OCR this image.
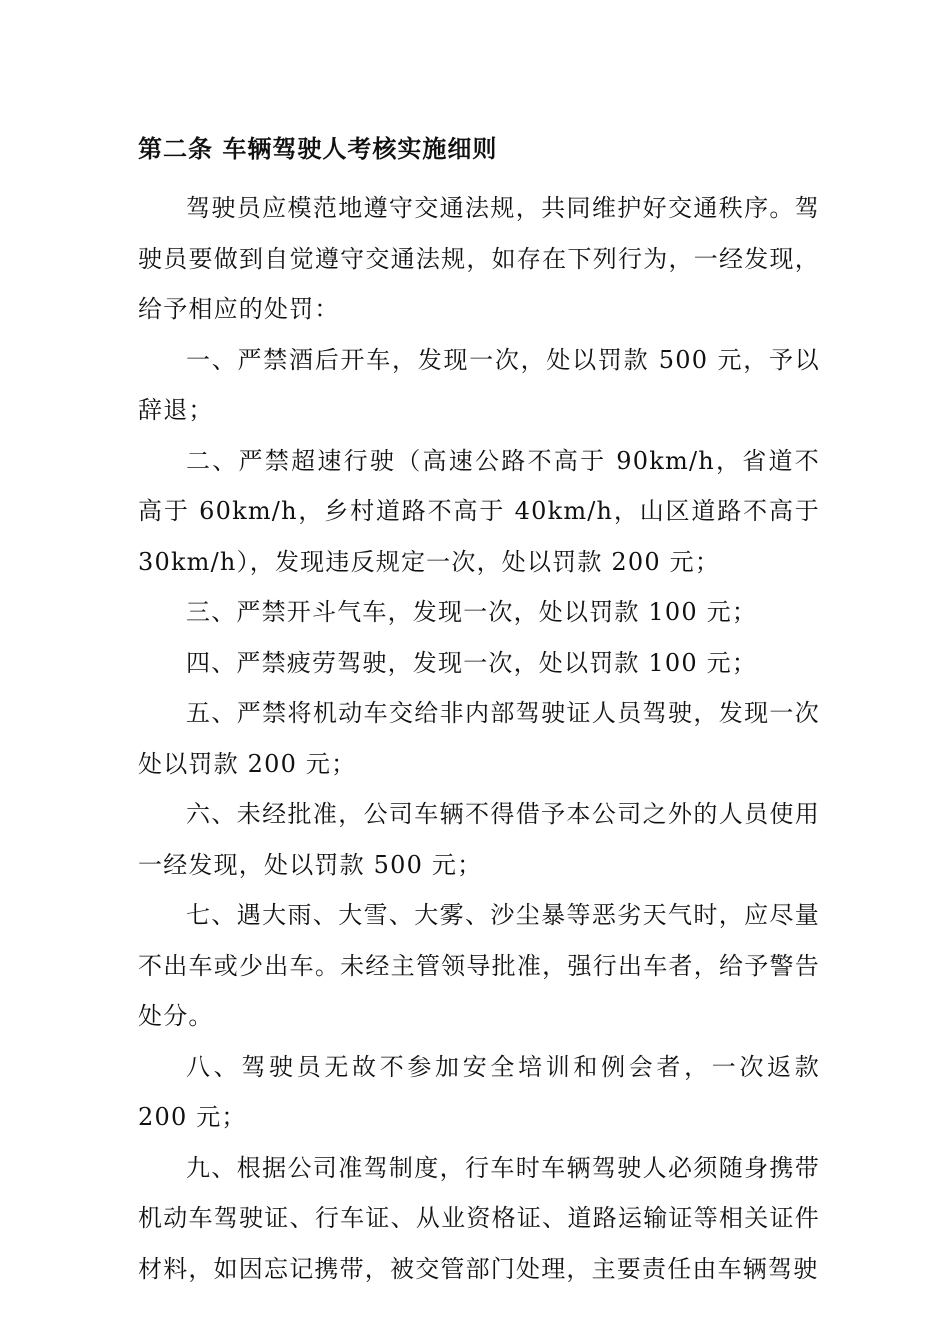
第二条 车辆驾驶人考核实施细则

驾驶员应模范地遵守交通法规，共同维护好交通秩序。驾驶员要做到自觉遵守交通法规，如存在下列行为，一经发现，给予相应的处罚：

一、严禁酒后开车，发现一次，处以罚款 500 元，予以辞退；

二、严禁超速行驶（高速公路不高于 90km/h，省道不高于 60km/h，乡村道路不高于 40km/h，山区道路不高于 30km/h），发现违反规定一次，处以罚款 200 元；

三、严禁开斗气车，发现一次，处以罚款 100 元；

四、严禁疲劳驾驶，发现一次，处以罚款 100 元；

五、严禁将机动车交给非内部驾驶证人员驾驶，发现一次处以罚款 200 元；

六、未经批准，公司车辆不得借予本公司之外的人员使用一经发现，处以罚款 500 元；

七、遇大雨、大雪、大雾、沙尘暴等恶劣天气时，应尽量不出车或少出车。未经主管领导批准，强行出车者，给予警告处分。

八、驾驶员无故不参加安全培训和例会者，一次返款 200 元；

九、根据公司准驾制度，行车时车辆驾驶人必须随身携带机动车驾驶证、行车证、从业资格证、道路运输证等相关证件材料，如因忘记携带，被交管部门处理，主要责任由车辆驾驶
